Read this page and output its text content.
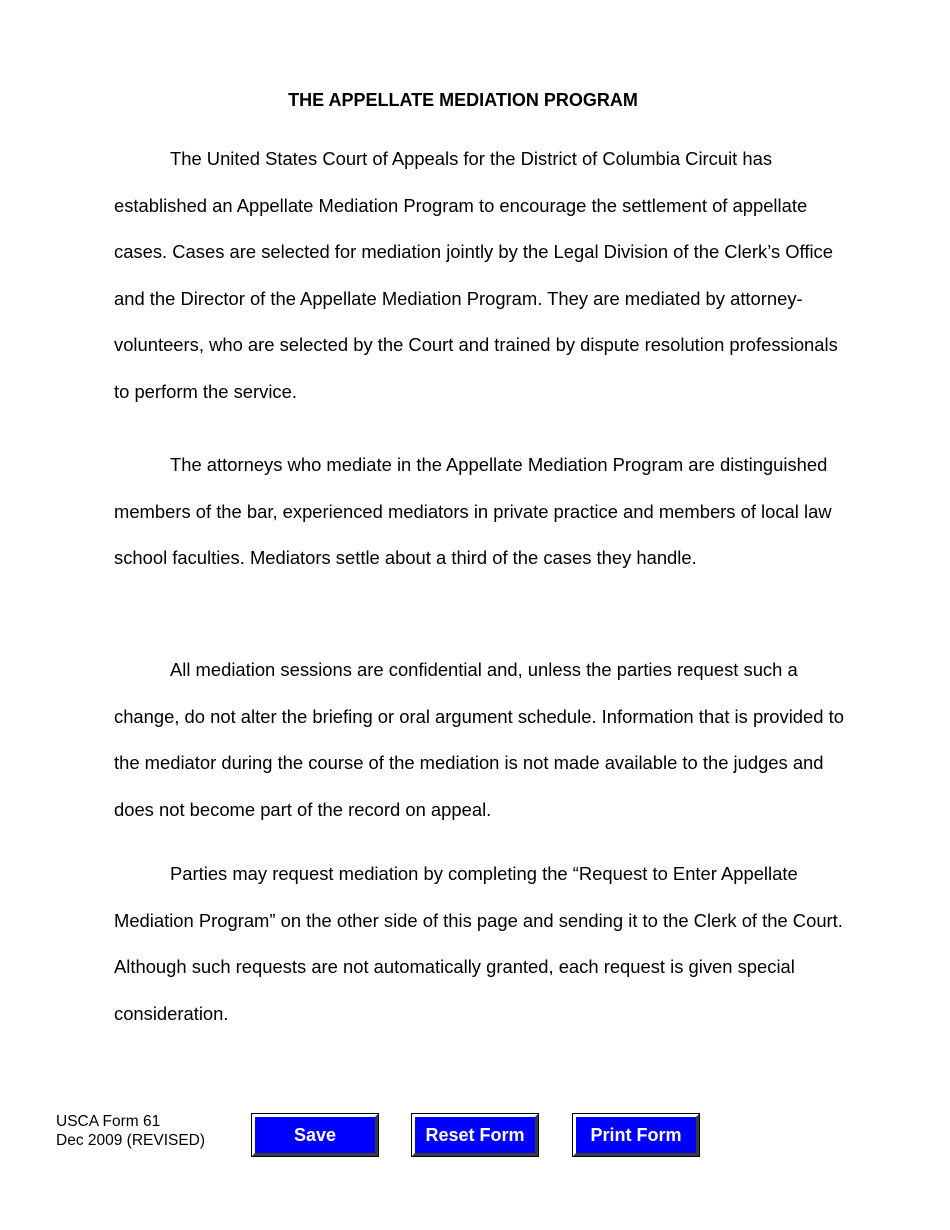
THE APPELLATE MEDIATION PROGRAM

The United States Court of Appeals for the District of Columbia Circuit has established an Appellate Mediation Program to encourage the settlement of appellate cases. Cases are selected for mediation jointly by the Legal Division of the Clerk’s Office and the Director of the Appellate Mediation Program. They are mediated by attorney-volunteers, who are selected by the Court and trained by dispute resolution professionals to perform the service.

The attorneys who mediate in the Appellate Mediation Program are distinguished members of the bar, experienced mediators in private practice and members of local law school faculties. Mediators settle about a third of the cases they handle.

All mediation sessions are confidential and, unless the parties request such a change, do not alter the briefing or oral argument schedule. Information that is provided to the mediator during the course of the mediation is not made available to the judges and does not become part of the record on appeal.

Parties may request mediation by completing the “Request to Enter Appellate Mediation Program” on the other side of this page and sending it to the Clerk of the Court. Although such requests are not automatically granted, each request is given special consideration.

USCA Form 61
Dec 2009 (REVISED)	Save	Reset Form	Print Form
